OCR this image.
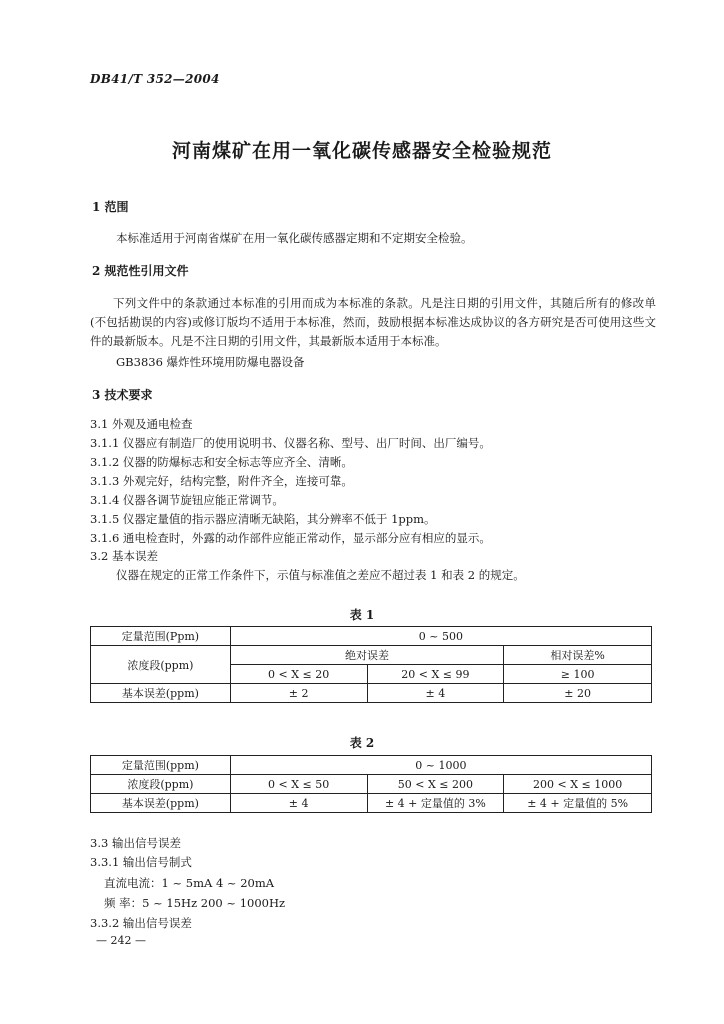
DB41/T 352—2004
河南煤矿在用一氧化碳传感器安全检验规范
1 范围
本标准适用于河南省煤矿在用一氧化碳传感器定期和不定期安全检验。
2 规范性引用文件
下列文件中的条款通过本标准的引用而成为本标准的条款。凡是注日期的引用文件，其随后所有的修改单(不包括勘误的内容)或修订版均不适用于本标准，然而，鼓励根据本标准达成协议的各方研究是否可使用这些文件的最新版本。凡是不注日期的引用文件，其最新版本适用于本标准。
GB3836 爆炸性环境用防爆电器设备
3 技术要求
3.1 外观及通电检查
3.1.1 仪器应有制造厂的使用说明书、仪器名称、型号、出厂时间、出厂编号。
3.1.2 仪器的防爆标志和安全标志等应齐全、清晰。
3.1.3 外观完好，结构完整，附件齐全，连接可靠。
3.1.4 仪器各调节旋钮应能正常调节。
3.1.5 仪器定量值的指示器应清晰无缺陷，其分辨率不低于 1ppm。
3.1.6 通电检查时，外露的动作部件应能正常动作，显示部分应有相应的显示。
3.2 基本误差
仪器在规定的正常工作条件下，示值与标准值之差应不超过表 1 和表 2 的规定。
表 1
定量范围(Ppm)	0 ~ 500		
浓度段(ppm)	绝对误差		相对误差%
	0 < X ≤ 20	20 < X ≤ 99	≥ 100
基本误差(ppm)	± 2	± 4	± 20
表 2
定量范围(ppm)	0 ~ 1000		
浓度段(ppm)	0 < X ≤ 50	50 < X ≤ 200	200 < X ≤ 1000
基本误差(ppm)	± 4	± 4 + 定量值的 3%	± 4 + 定量值的 5%
3.3 输出信号误差
3.3.1 输出信号制式
直流电流：1 ~ 5mA 4 ~ 20mA
频 率：5 ~ 15Hz 200 ~ 1000Hz
3.3.2 输出信号误差
— 242 —
